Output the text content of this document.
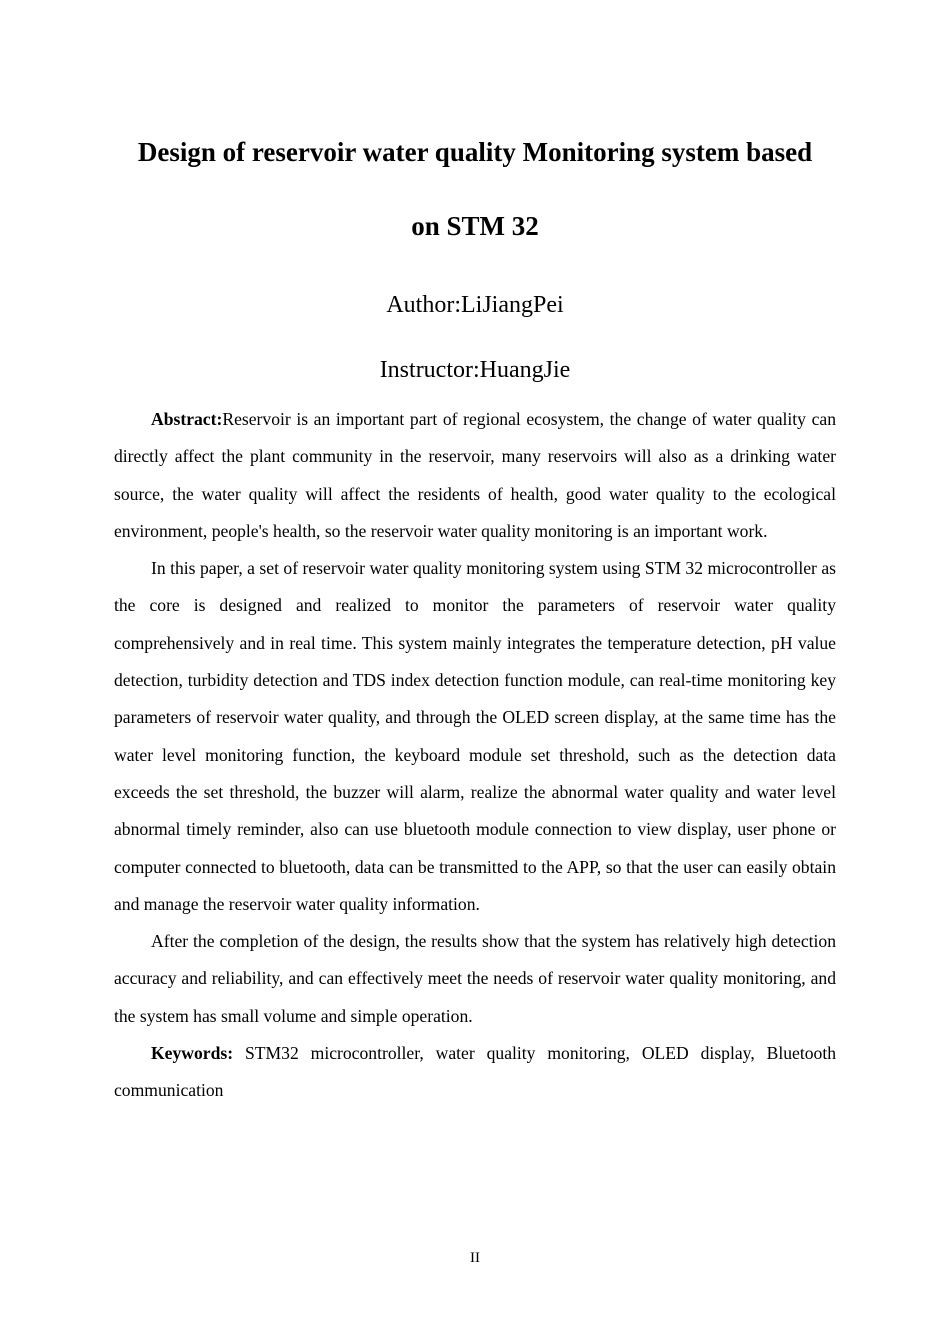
Design of reservoir water quality Monitoring system based
on STM 32

Author:LiJiangPei

Instructor:HuangJie

Abstract:Reservoir is an important part of regional ecosystem, the change of water quality can directly affect the plant community in the reservoir, many reservoirs will also as a drinking water source, the water quality will affect the residents of health, good water quality to the ecological environment, people's health, so the reservoir water quality monitoring is an important work.

In this paper, a set of reservoir water quality monitoring system using STM 32 microcontroller as the core is designed and realized to monitor the parameters of reservoir water quality comprehensively and in real time. This system mainly integrates the temperature detection, pH value detection, turbidity detection and TDS index detection function module, can real-time monitoring key parameters of reservoir water quality, and through the OLED screen display, at the same time has the water level monitoring function, the keyboard module set threshold, such as the detection data exceeds the set threshold, the buzzer will alarm, realize the abnormal water quality and water level abnormal timely reminder, also can use bluetooth module connection to view display, user phone or computer connected to bluetooth, data can be transmitted to the APP, so that the user can easily obtain and manage the reservoir water quality information.

After the completion of the design, the results show that the system has relatively high detection accuracy and reliability, and can effectively meet the needs of reservoir water quality monitoring, and the system has small volume and simple operation.

Keywords: STM32 microcontroller, water quality monitoring, OLED display, Bluetooth communication

II
